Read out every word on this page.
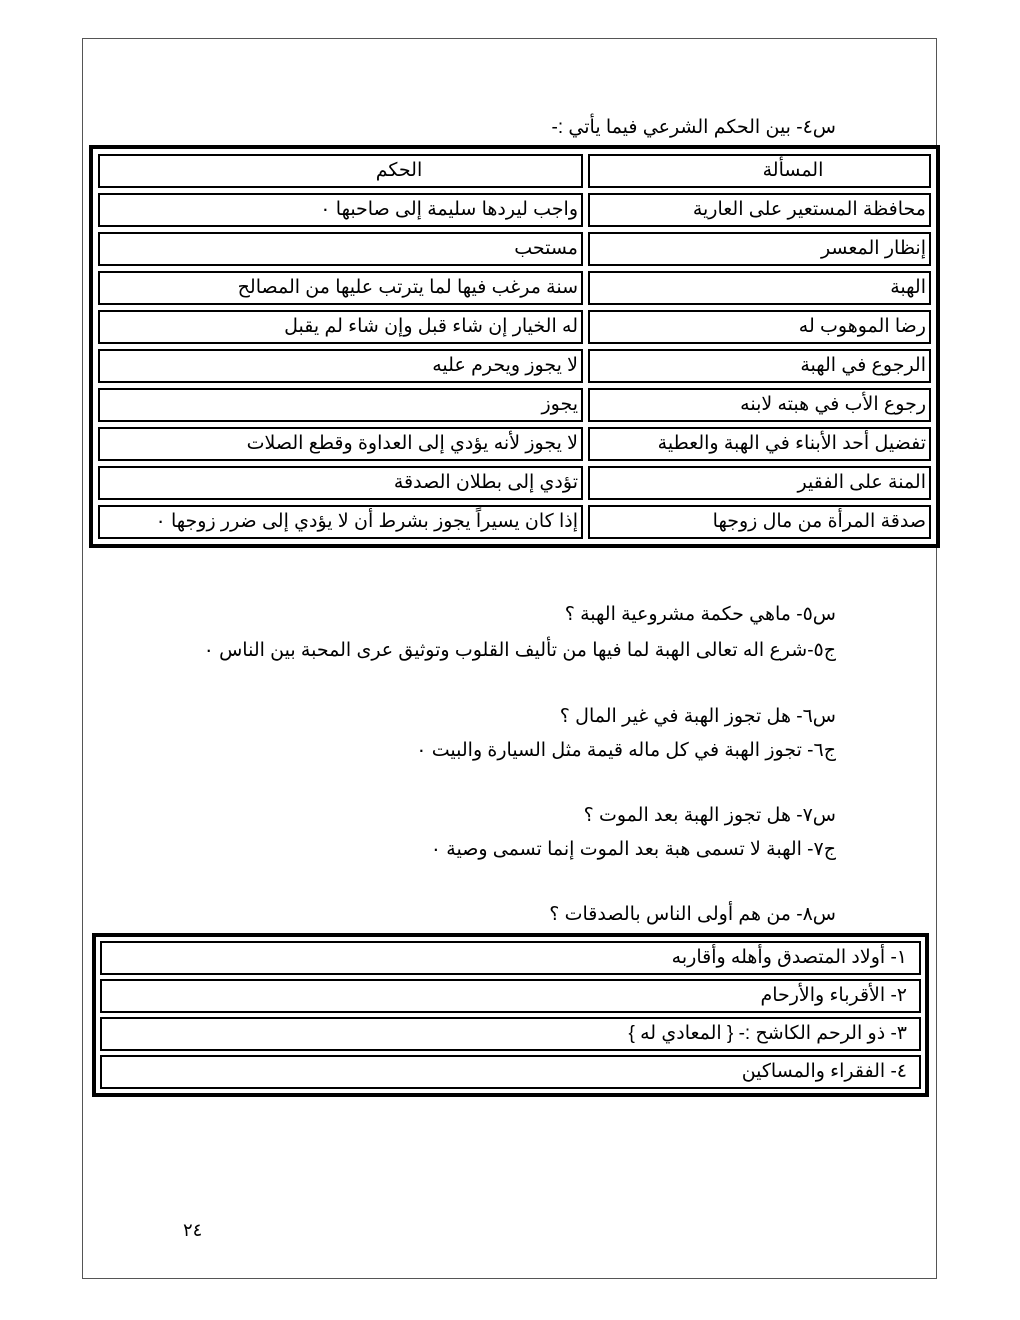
س٤- بين الحكم الشرعي فيما يأتي :-
المسألة	الحكم
محافظة المستعير على العارية	واجب ليردها سليمة إلى صاحبها ٠
إنظار المعسر	مستحب
الهبة	سنة مرغب فيها لما يترتب عليها من المصالح
رضا الموهوب له	له الخيار إن شاء قبل وإن شاء لم يقبل
الرجوع في الهبة	لا يجوز ويحرم عليه
رجوع الأب في هبته لابنه	يجوز
تفضيل أحد الأبناء في الهبة والعطية	لا يجوز لأنه يؤدي إلى العداوة وقطع الصلات
المنة على الفقير	تؤدي إلى بطلان الصدقة
صدقة المرأة من مال زوجها	إذا كان يسيراً يجوز بشرط أن لا يؤدي إلى ضرر زوجها ٠
س٥- ماهي حكمة مشروعية الهبة ؟
ج٥-شرع اله تعالى الهبة لما فيها من تأليف القلوب وتوثيق عرى المحبة بين الناس ٠
س٦- هل تجوز الهبة في غير المال ؟
ج٦- تجوز الهبة في كل ماله قيمة مثل السيارة والبيت ٠
س٧- هل تجوز الهبة بعد الموت ؟
ج٧- الهبة لا تسمى هبة بعد الموت إنما تسمى وصية ٠
س٨- من هم أولى الناس بالصدقات ؟
١- أولاد المتصدق وأهله وأقاربه
٢- الأقرباء والأرحام
٣- ذو الرحم الكاشح :- { المعادي له }
٤- الفقراء والمساكين
٢٤
